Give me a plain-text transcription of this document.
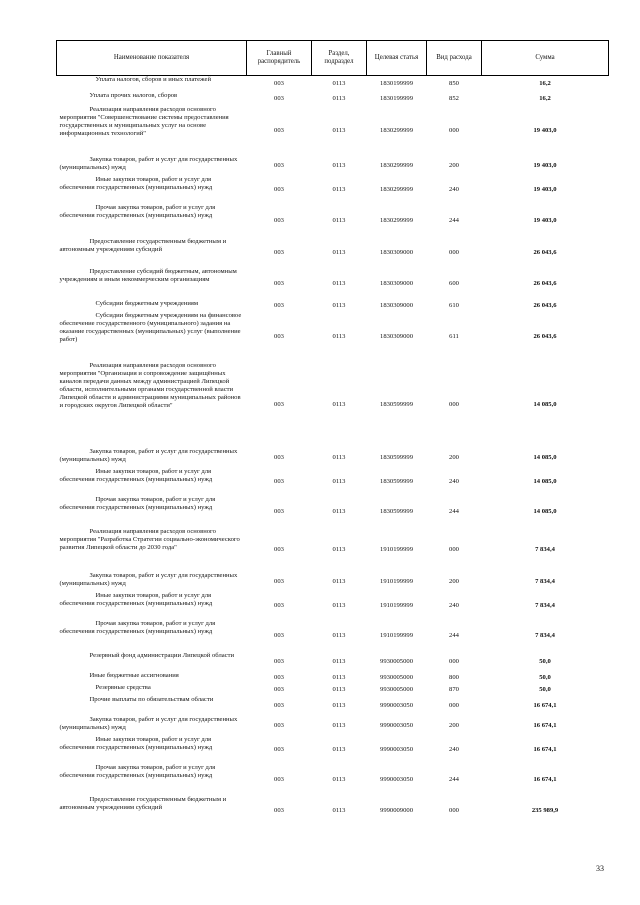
Наименование показателя	Главный распорядитель	Раздел, подраздел	Целевая статья	Вид расхода	Сумма

Уплата налогов, сборов и иных платежей	003	0113	1830199999	850	16,2

Уплата прочих налогов, сборов	003	0113	1830199999	852	16,2

Реализация направления расходов основного мероприятия "Совершенствование системы предоставления государственных и муниципальных услуг на основе информационных технологий"	003	0113	1830299999	000	19 403,0

Закупка товаров, работ и услуг для государственных (муниципальных) нужд	003	0113	1830299999	200	19 403,0

Иные закупки товаров, работ и услуг для обеспечения государственных (муниципальных) нужд	003	0113	1830299999	240	19 403,0

Прочая закупка товаров, работ и услуг для обеспечения государственных (муниципальных) нужд	003	0113	1830299999	244	19 403,0

Предоставление государственным бюджетным и автономным учреждениям субсидий	003	0113	1830309000	000	26 043,6

Предоставление субсидий бюджетным, автономным учреждениям и иным некоммерческим организациям	003	0113	1830309000	600	26 043,6

Субсидии бюджетным учреждениям	003	0113	1830309000	610	26 043,6

Субсидии бюджетным учреждениям на финансовое обеспечение государственного (муниципального) задания на оказание государственных (муниципальных) услуг (выполнение работ)	003	0113	1830309000	611	26 043,6

Реализация направления расходов основного мероприятия "Организация и сопровождение защищённых каналов передачи данных между администрацией Липецкой области, исполнительными органами государственной власти Липецкой области и администрациями муниципальных районов и городских округов Липецкой области"	003	0113	1830599999	000	14 085,0

Закупка товаров, работ и услуг для государственных (муниципальных) нужд	003	0113	1830599999	200	14 085,0

Иные закупки товаров, работ и услуг для обеспечения государственных (муниципальных) нужд	003	0113	1830599999	240	14 085,0

Прочая закупка товаров, работ и услуг для обеспечения государственных (муниципальных) нужд	003	0113	1830599999	244	14 085,0

Реализация направления расходов основного мероприятия "Разработка Стратегии социально-экономического развития Липецкой области до 2030 года"	003	0113	1910199999	000	7 834,4

Закупка товаров, работ и услуг для государственных (муниципальных) нужд	003	0113	1910199999	200	7 834,4

Иные закупки товаров, работ и услуг для обеспечения государственных (муниципальных) нужд	003	0113	1910199999	240	7 834,4

Прочая закупка товаров, работ и услуг для обеспечения государственных (муниципальных) нужд	003	0113	1910199999	244	7 834,4

Резервный фонд администрации Липецкой области	003	0113	9930005000	000	50,0

Иные бюджетные ассигнования	003	0113	9930005000	800	50,0

Резервные средства	003	0113	9930005000	870	50,0

Прочие выплаты по обязательствам области	003	0113	9990003050	000	16 674,1

Закупка товаров, работ и услуг для государственных (муниципальных) нужд	003	0113	9990003050	200	16 674,1

Иные закупки товаров, работ и услуг для обеспечения государственных (муниципальных) нужд	003	0113	9990003050	240	16 674,1

Прочая закупка товаров, работ и услуг для обеспечения государственных (муниципальных) нужд	003	0113	9990003050	244	16 674,1

Предоставление государственным бюджетным и автономным учреждениям субсидий	003	0113	9990009000	000	235 989,9
33
